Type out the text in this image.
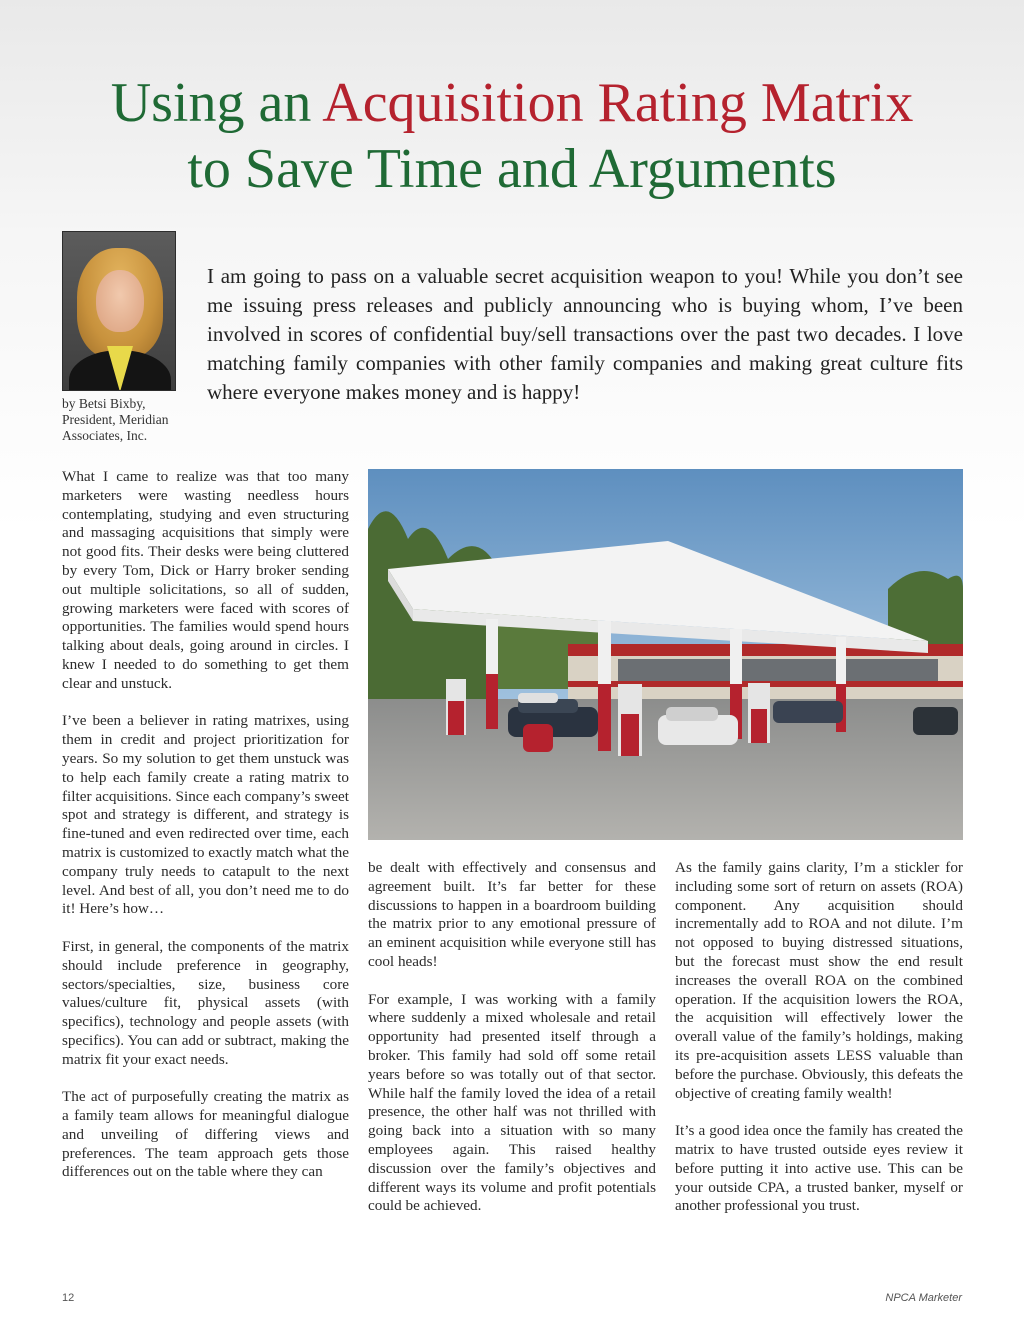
Using an Acquisition Rating Matrix
to Save Time and Arguments
by Betsi Bixby,
President, Meridian
Associates, Inc.

I am going to pass on a valuable secret acquisition weapon to you! While you don’t see me issuing press releases and publicly announcing who is buying whom, I’ve been involved in scores of confidential buy/sell transactions over the past two decades. I love matching family companies with other family companies and making great culture fits where everyone makes money and is happy!

What I came to realize was that too many marketers were wasting needless hours contemplating, studying and even structuring and massaging acquisitions that simply were not good fits. Their desks were being cluttered by every Tom, Dick or Harry broker sending out multiple solicitations, so all of sudden, growing marketers were faced with scores of opportunities. The families would spend hours talking about deals, going around in circles. I knew I needed to do something to get them clear and unstuck.

I’ve been a believer in rating matrixes, using them in credit and project prioritization for years. So my solution to get them unstuck was to help each family create a rating matrix to filter acquisitions. Since each company’s sweet spot and strategy is different, and strategy is fine-tuned and even redirected over time, each matrix is customized to exactly match what the company truly needs to catapult to the next level. And best of all, you don’t need me to do it! Here’s how…

First, in general, the components of the matrix should include preference in geography, sectors/specialties, size, business core values/culture fit, physical assets (with specifics), technology and people assets (with specifics). You can add or subtract, making the matrix fit your exact needs.

The act of purposefully creating the matrix as a family team allows for meaningful dialogue and unveiling of differing views and preferences. The team approach gets those differences out on the table where they can

be dealt with effectively and consensus and agreement built. It’s far better for these discussions to happen in a boardroom building the matrix prior to any emotional pressure of an eminent acquisition while everyone still has cool heads!

For example, I was working with a family where suddenly a mixed wholesale and retail opportunity had presented itself through a broker. This family had sold off some retail years before so was totally out of that sector. While half the family loved the idea of a retail presence, the other half was not thrilled with going back into a situation with so many employees again. This raised healthy discussion over the family’s objectives and different ways its volume and profit potentials could be achieved.

As the family gains clarity, I’m a stickler for including some sort of return on assets (ROA) component. Any acquisition should incrementally add to ROA and not dilute. I’m not opposed to buying distressed situations, but the forecast must show the end result increases the overall ROA on the combined operation. If the acquisition lowers the ROA, the acquisition will effectively lower the overall value of the family’s holdings, making its pre-acquisition assets LESS valuable than before the purchase. Obviously, this defeats the objective of creating family wealth!

It’s a good idea once the family has created the matrix to have trusted outside eyes review it before putting it into active use. This can be your outside CPA, a trusted banker, myself or another professional you trust.

12	NPCA Marketer
